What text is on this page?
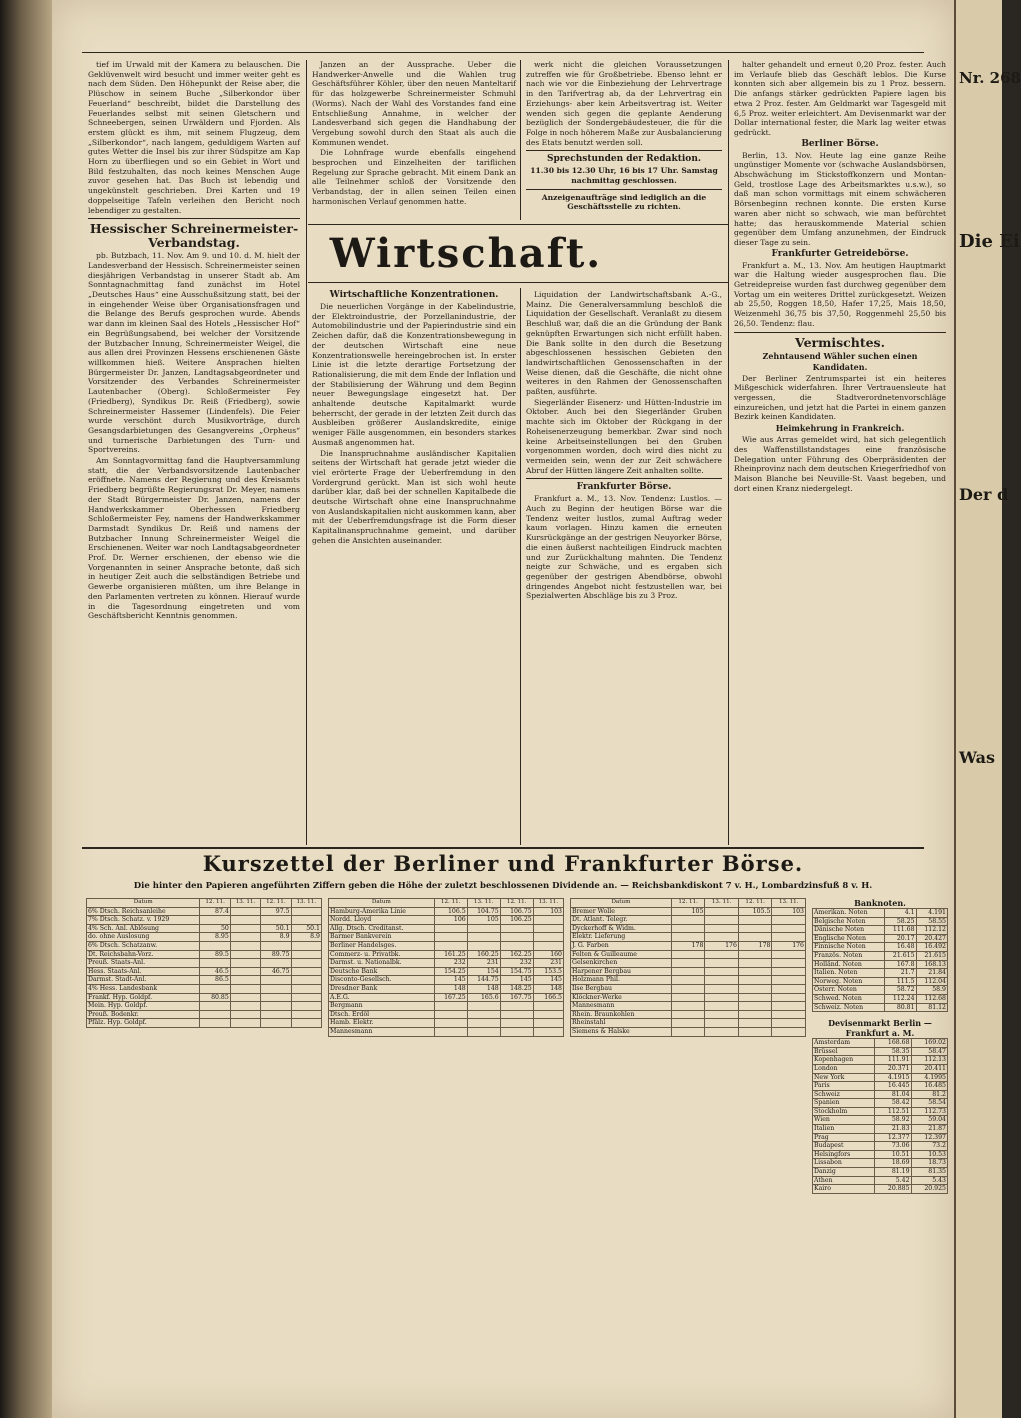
tief im Urwald mit der Kamera zu belauschen. Die Geklüvenwelt wird besucht und immer weiter geht es nach dem Süden. Den Höhepunkt der Reise aber, die Plüschow in seinem Buche „Silberkondor über Feuerland“ beschreibt, bildet die Darstellung des Feuerlandes selbst mit seinen Gletschern und Schneebergen, seinen Urwäldern und Fjorden. Als erstem glückt es ihm, mit seinem Flugzeug, dem „Silberkondor“, nach langem, geduldigem Warten auf gutes Wetter die Insel bis zur ihrer Südspitze am Kap Horn zu überfliegen und so ein Gebiet in Wort und Bild festzuhalten, das noch keines Menschen Auge zuvor gesehen hat. Das Buch ist lebendig und ungekünstelt geschrieben. Drei Karten und 19 doppelseitige Tafeln verleihen den Bericht noch lebendiger zu gestalten.

Hessischer Schreinermeister-Verbandstag.

pb. Butzbach, 11. Nov. Am 9. und 10. d. M. hielt der Landesverband der Hessisch. Schreinermeister seinen diesjährigen Verbandstag in unserer Stadt ab. Am Sonntagnachmittag fand zunächst im Hotel „Deutsches Haus“ eine Ausschußsitzung statt, bei der in eingehender Weise über Organisationsfragen und die Belange des Berufs gesprochen wurde. Abends war dann im kleinen Saal des Hotels „Hessischer Hof“ ein Begrüßungsabend, bei welcher der Vorsitzende der Butzbacher Innung, Schreinermeister Weigel, die aus allen drei Provinzen Hessens erschienenen Gäste willkommen hieß. Weitere Ansprachen hielten Bürgermeister Dr. Janzen, Landtagsabgeordneter und Vorsitzender des Verbandes Schreinermeister Lautenbacher (Oberg). Schloßermeister Fey (Friedberg), Syndikus Dr. Reiß (Friedberg), sowie Schreinermeister Hassemer (Lindenfels). Die Feier wurde verschönt durch Musikvorträge, durch Gesangsdarbietungen des Gesangvereins „Orpheus“ und turnerische Darbietungen des Turn- und Sportvereins.

Am Sonntagvormittag fand die Hauptversammlung statt, die der Verbandsvorsitzende Lautenbacher eröffnete. Namens der Regierung und des Kreisamts Friedberg begrüßte Regierungsrat Dr. Meyer, namens der Stadt Bürgermeister Dr. Janzen, namens der Handwerkskammer Oberhessen Friedberg Schloßermeister Fey, namens der Handwerkskammer Darmstadt Syndikus Dr. Reiß und namens der Butzbacher Innung Schreinermeister Weigel die Erschienenen. Weiter war noch Landtagsabgeordneter Prof. Dr. Werner erschienen, der ebenso wie die Vorgenannten in seiner Ansprache betonte, daß sich in heutiger Zeit auch die selbständigen Betriebe und Gewerbe organisieren müßten, um ihre Belange in den Parlamenten vertreten zu können. Hierauf wurde in die Tagesordnung eingetreten und vom Geschäftsbericht Kenntnis genommen.

Janzen an der Aussprache. Ueber die Handwerker-Anwelle und die Wahlen trug Geschäftsführer Köhler, über den neuen Manteltarif für das holzgewerbe Schreinermeister Schmuhl (Worms). Nach der Wahl des Vorstandes fand eine Entschließung Annahme, in welcher der Landesverband sich gegen die Handhabung der Vergebung sowohl durch den Staat als auch die Kommunen wendet.

Die Lohnfrage wurde ebenfalls eingehend besprochen und Einzelheiten der tariflichen Regelung zur Sprache gebracht. Mit einem Dank an alle Teilnehmer schloß der Vorsitzende den Verbandstag, der in allen seinen Teilen einen harmonischen Verlauf genommen hatte.

werk nicht die gleichen Voraussetzungen zutreffen wie für Großbetriebe. Ebenso lehnt er nach wie vor die Einbeziehung der Lehrvertrage in den Tarifvertrag ab, da der Lehrvertrag ein Erziehungs- aber kein Arbeitsvertrag ist. Weiter wenden sich gegen die geplante Aenderung bezüglich der Sondergebäudesteuer, die für die Folge in noch höherem Maße zur Ausbalancierung des Etats benutzt werden soll.

Sprechstunden der Redaktion.

11.30 bis 12.30 Uhr, 16 bis 17 Uhr. Samstag nachmittag geschlossen.

Anzeigenaufträge sind lediglich an die Geschäftsstelle zu richten.

Wirtschaft.

Wirtschaftliche Konzentrationen.

Die neuerlichen Vorgänge in der Kabelindustrie, der Elektroindustrie, der Porzellanindustrie, der Automobilindustrie und der Papierindustrie sind ein Zeichen dafür, daß die Konzentrationsbewegung in der deutschen Wirtschaft eine neue Konzentrationswelle hereingebrochen ist. In erster Linie ist die letzte derartige Fortsetzung der Rationalisierung, die mit dem Ende der Inflation und der Stabilisierung der Währung und dem Beginn neuer Bewegungslage eingesetzt hat. Der anhaltende deutsche Kapitalmarkt wurde beherrscht, der gerade in der letzten Zeit durch das Ausbleiben größerer Auslandskredite, einige weniger Fälle ausgenommen, ein besonders starkes Ausmaß angenommen hat.

Die Inanspruchnahme ausländischer Kapitalien seitens der Wirtschaft hat gerade jetzt wieder die viel erörterte Frage der Ueberfremdung in den Vordergrund gerückt. Man ist sich wohl heute darüber klar, daß bei der schnellen Kapitalbede die deutsche Wirtschaft ohne eine Inanspruchnahme von Auslandskapitalien nicht auskommen kann, aber mit der Ueberfremdungsfrage ist die Form dieser Kapitalinanspruchnahme gemeint, und darüber gehen die Ansichten auseinander.

Liquidation der Landwirtschaftsbank A.-G., Mainz. Die Generalversammlung beschloß die Liquidation der Gesellschaft. Veranlaßt zu diesem Beschluß war, daß die an die Gründung der Bank geknüpften Erwartungen sich nicht erfüllt haben. Die Bank sollte in den durch die Besetzung abgeschlossenen hessischen Gebieten den landwirtschaftlichen Genossenschaften in der Weise dienen, daß die Geschäfte, die nicht ohne weiteres in den Rahmen der Genossenschaften paßten, ausführte.

Siegerländer Eisenerz- und Hütten-Industrie im Oktober. Auch bei den Siegerländer Gruben machte sich im Oktober der Rückgang in der Roheisenerzeugung bemerkbar. Zwar sind noch keine Arbeitseinstellungen bei den Gruben vorgenommen worden, doch wird dies nicht zu vermeiden sein, wenn der zur Zeit schwächere Abruf der Hütten längere Zeit anhalten sollte.

Frankfurter Börse.

Frankfurt a. M., 13. Nov. Tendenz: Lustlos. — Auch zu Beginn der heutigen Börse war die Tendenz weiter lustlos, zumal Auftrag weder kaum vorlagen. Hinzu kamen die erneuten Kursrückgänge an der gestrigen Neuyorker Börse, die einen äußerst nachteiligen Eindruck machten und zur Zurückhaltung mahnten. Die Tendenz neigte zur Schwäche, und es ergaben sich gegenüber der gestrigen Abendbörse, obwohl dringendes Angebot nicht festzustellen war, bei Spezialwerten Abschläge bis zu 3 Proz.

halter gehandelt und erneut 0,20 Proz. fester. Auch im Verlaufe blieb das Geschäft leblos. Die Kurse konnten sich aber allgemein bis zu 1 Proz. bessern. Die anfangs stärker gedrückten Papiere lagen bis etwa 2 Proz. fester. Am Geldmarkt war Tagesgeld mit 6,5 Proz. weiter erleichtert. Am Devisenmarkt war der Dollar international fester, die Mark lag weiter etwas gedrückt.

Berliner Börse.

Berlin, 13. Nov. Heute lag eine ganze Reihe ungünstiger Momente vor (schwache Auslandsbörsen, Abschwächung im Stickstoffkonzern und Montan-Geld, trostlose Lage des Arbeitsmarktes u.s.w.), so daß man schon vormittags mit einem schwächeren Börsenbeginn rechnen konnte. Die ersten Kurse waren aber nicht so schwach, wie man befürchtet hatte; das herauskommende Material schien gegenüber dem Umfang anzunehmen, der Eindruck dieser Tage zu sein.

Frankfurter Getreidebörse.

Frankfurt a. M., 13. Nov. Am heutigen Hauptmarkt war die Haltung wieder ausgesprochen flau. Die Getreidepreise wurden fast durchweg gegenüber dem Vortag um ein weiteres Drittel zurückgesetzt. Weizen ab 25,50, Roggen 18,50, Hafer 17,25, Mais 18,50, Weizenmehl 36,75 bis 37,50, Roggenmehl 25,50 bis 26,50. Tendenz: flau.

Vermischtes.

Zehntausend Wähler suchen einen Kandidaten.

Der Berliner Zentrumspartei ist ein heiteres Mißgeschick widerfahren. Ihrer Vertrauensleute hat vergessen, die Stadtverordnetenvorschläge einzureichen, und jetzt hat die Partei in einem ganzen Bezirk keinen Kandidaten.

Heimkehrung in Frankreich.

Wie aus Arras gemeldet wird, hat sich gelegentlich des Waffenstillstandstages eine französische Delegation unter Führung des Oberpräsidenten der Rheinprovinz nach dem deutschen Kriegerfriedhof von Maison Blanche bei Neuville-St. Vaast begeben, und dort einen Kranz niedergelegt.

Kurszettel der Berliner und Frankfurter Börse.
Die hinter den Papieren angeführten Ziffern geben die Höhe der zuletzt beschlossenen Dividende an. — Reichsbankdiskont 7 v. H., Lombardzinsfuß 8 v. H.
Datum	12. 11.	13. 11.	12. 11.	13. 11.
6% Dtsch. Reichsanleihe	87.4		97.5	
7% Dtsch. Schatz. v. 1929				
4% Sch. Anl. Ablösung	50		50.1	50.1
do. ohne Auslosung	8.95		8.9	8.9
6% Dtsch. Schatzanw.				
Dt. Reichsbahn-Vorz.	89.5		89.75	
Preuß. Staats-Anl.				
Hess. Staats-Anl.	46.5		46.75	
Darmst. Stadt-Anl.	86.5			
4% Hess. Landesbank				
Frankf. Hyp. Goldpf.	80.85			
Mein. Hyp. Goldpf.				
Preuß. Bodenkr.				
Pfälz. Hyp. Goldpf.				
Datum	12. 11.	13. 11.	12. 11.	13. 11.
Hamburg-Amerika Linie	106.5	104.75	106.75	103
Nordd. Lloyd	106	105	106.25	
Allg. Dtsch. Creditanst.				
Barmer Bankverein				
Berliner Handelsges.				
Commerz- u. Privatbk.	161.25	160.25	162.25	160
Darmst. u. Nationalbk.	232	231	232	231
Deutsche Bank	154.25	154	154.75	153.5
Disconto-Gesellsch.	145	144.75	145	145
Dresdner Bank	148	148	148.25	148
A.E.G.	167.25	165.6	167.75	166.5
Bergmann				
Dtsch. Erdöl				
Hamb. Elektr.				
Mannesmann				
Datum	12. 11.	13. 11.	12. 11.	13. 11.
Bremer Wolle	105		105.5	103
Dt. Atlant. Telegr.				
Dyckerhoff & Widm.				
Elektr. Lieferung				
J. G. Farben	178	176	178	176
Felten & Guilleaume				
Gelsenkirchen				
Harpener Bergbau				
Holzmann Phil.				
Ilse Bergbau				
Klöckner-Werke				
Mannesmann				
Rhein. Braunkohlen				
Rheinstahl				
Siemens & Halske				
Banknoten.
Amerikan. Noten	4.1	4.191
Belgische Noten	58.25	58.55
Dänische Noten	111.68	112.12
Englische Noten	20.17	20.427
Finnische Noten	16.48	16.492
Französ. Noten	21.615	21.615
Holländ. Noten	167.8	168.13
Italien. Noten	21.7	21.84
Norweg. Noten	111.5	112.04
Österr. Noten	58.72	58.9
Schwed. Noten	112.24	112.68
Schweiz. Noten	80.81	81.12
Devisenmarkt Berlin — Frankfurt a. M.
Amsterdam	168.68	169.02
Brüssel	58.35	58.47
Kopenhagen	111.91	112.13
London	20.371	20.411
New York	4.1915	4.1995
Paris	16.445	16.485
Schweiz	81.04	81.2
Spanien	58.42	58.54
Stockholm	112.51	112.73
Wien	58.92	59.04
Italien	21.83	21.87
Prag	12.377	12.397
Budapest	73.06	73.2
Helsingfors	10.51	10.53
Lissabon	18.69	18.73
Danzig	81.19	81.35
Athen	5.42	5.43
Kairo	20.885	20.925
Nr. 268
Die Ei
Der d
Was
